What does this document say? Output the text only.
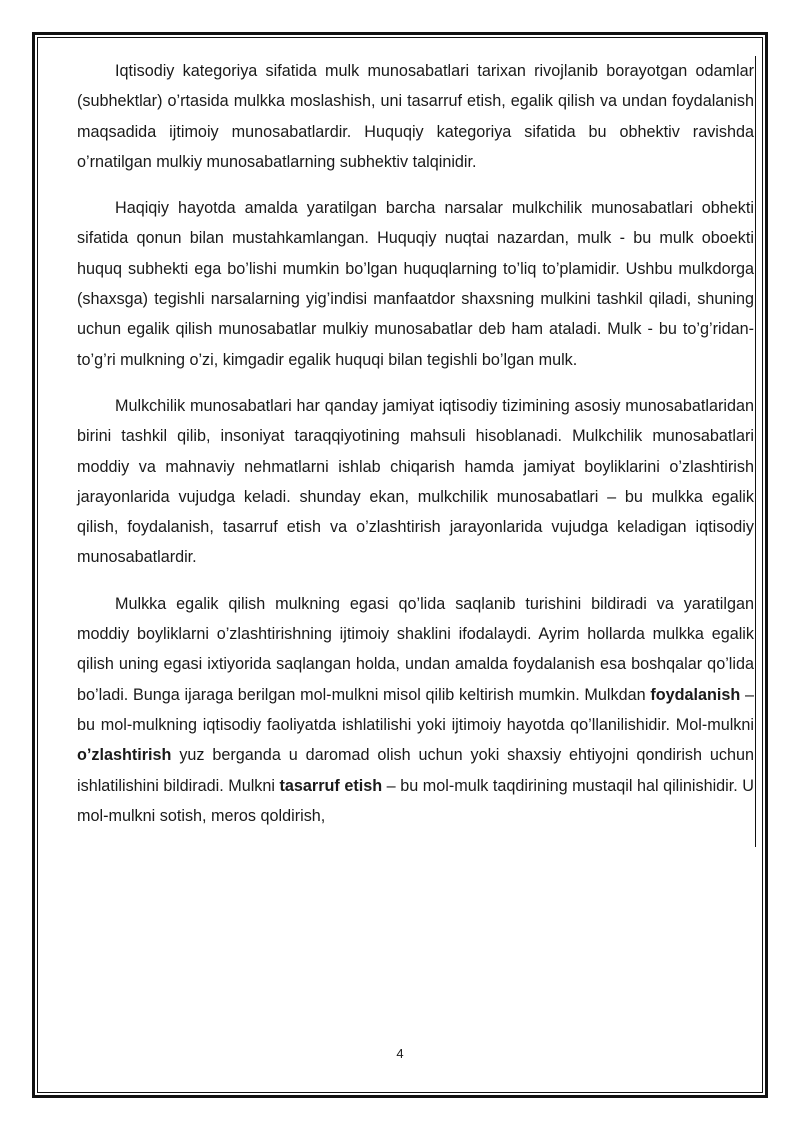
Iqtisodiy kategoriya sifatida mulk munosabatlari tarixan rivojlanib borayotgan odamlar (subhektlar) o’rtasida mulkka moslashish, uni tasarruf etish, egalik qilish va undan foydalanish maqsadida ijtimoiy munosabatlardir. Huquqiy kategoriya sifatida bu obhektiv ravishda o’rnatilgan mulkiy munosabatlarning subhektiv talqinidir.

Haqiqiy hayotda amalda yaratilgan barcha narsalar mulkchilik munosabatlari obhekti sifatida qonun bilan mustahkamlangan. Huquqiy nuqtai nazardan, mulk - bu mulk oboekti huquq subhekti ega bo’lishi mumkin bo’lgan huquqlarning to’liq to’plamidir. Ushbu mulkdorga (shaxsga) tegishli narsalarning yig’indisi manfaatdor shaxsning mulkini tashkil qiladi, shuning uchun egalik qilish munosabatlar mulkiy munosabatlar deb ham ataladi. Mulk - bu to’g’ridan-to’g’ri mulkning o’zi, kimgadir egalik huquqi bilan tegishli bo’lgan mulk.

Mulkchilik munosabatlari har qanday jamiyat iqtisodiy tizimining asosiy munosabatlaridan birini tashkil qilib, insoniyat taraqqiyotining mahsuli hisoblanadi. Mulkchilik munosabatlari moddiy va mahnaviy nehmatlarni ishlab chiqarish hamda jamiyat boyliklarini o’zlashtirish jarayonlarida vujudga keladi. shunday ekan, mulkchilik munosabatlari – bu mulkka egalik qilish, foydalanish, tasarruf etish va o’zlashtirish jarayonlarida vujudga keladigan iqtisodiy munosabatlardir.

Mulkka egalik qilish mulkning egasi qo’lida saqlanib turishini bildiradi va yaratilgan moddiy boyliklarni o’zlashtirishning ijtimoiy shaklini ifodalaydi. Ayrim hollarda mulkka egalik qilish uning egasi ixtiyorida saqlangan holda, undan amalda foydalanish esa boshqalar qo’lida bo’ladi. Bunga ijaraga berilgan mol-mulkni misol qilib keltirish mumkin. Mulkdan foydalanish – bu mol-mulkning iqtisodiy faoliyatda ishlatilishi yoki ijtimoiy hayotda qo’llanilishidir. Mol-mulkni o’zlashtirish yuz berganda u daromad olish uchun yoki shaxsiy ehtiyojni qondirish uchun ishlatilishini bildiradi. Mulkni tasarruf etish – bu mol-mulk taqdirining mustaqil hal qilinishidir. U mol-mulkni sotish, meros qoldirish,

4
